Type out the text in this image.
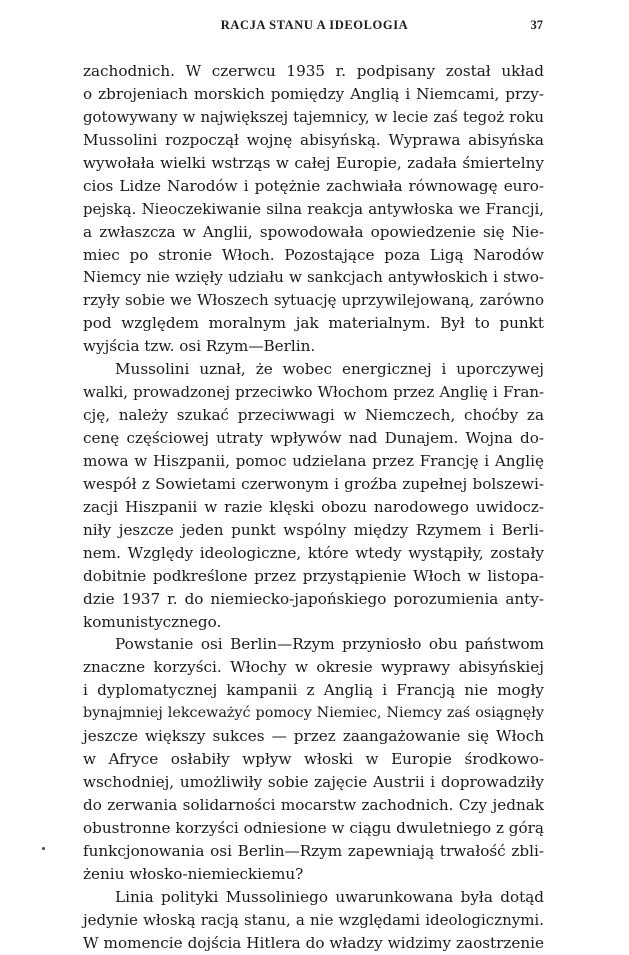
RACJA STANU A IDEOLOGIA	37
zachodnich. W czerwcu 1935 r. podpisany został układ
o zbrojeniach morskich pomiędzy Anglią i Niemcami, przy-
gotowywany w największej tajemnicy, w lecie zaś tegoż roku
Mussolini rozpoczął wojnę abisyńską. Wyprawa abisyńska
wywołała wielki wstrząs w całej Europie, zadała śmiertelny
cios Lidze Narodów i potężnie zachwiała równowagę euro-
pejską. Nieoczekiwanie silna reakcja antywłoska we Francji,
a zwłaszcza w Anglii, spowodowała opowiedzenie się Nie-
miec po stronie Włoch. Pozostające poza Ligą Narodów
Niemcy nie wzięły udziału w sankcjach antywłoskich i stwo-
rzyły sobie we Włoszech sytuację uprzywilejowaną, zarówno
pod względem moralnym jak materialnym. Był to punkt
wyjścia tzw. osi Rzym—Berlin.
Mussolini uznał, że wobec energicznej i uporczywej
walki, prowadzonej przeciwko Włochom przez Anglię i Fran-
cję, należy szukać przeciwwagi w Niemczech, choćby za
cenę częściowej utraty wpływów nad Dunajem. Wojna do-
mowa w Hiszpanii, pomoc udzielana przez Francję i Anglię
wespół z Sowietami czerwonym i groźba zupełnej bolszewi-
zacji Hiszpanii w razie klęski obozu narodowego uwidocz-
niły jeszcze jeden punkt wspólny między Rzymem i Berli-
nem. Względy ideologiczne, które wtedy wystąpiły, zostały
dobitnie podkreślone przez przystąpienie Włoch w listopa-
dzie 1937 r. do niemiecko-japońskiego porozumienia anty-
komunistycznego.
Powstanie osi Berlin—Rzym przyniosło obu państwom
znaczne korzyści. Włochy w okresie wyprawy abisyńskiej
i dyplomatycznej kampanii z Anglią i Francją nie mogły
bynajmniej lekceważyć pomocy Niemiec, Niemcy zaś osiągnęły
jeszcze większy sukces — przez zaangażowanie się Włoch
w Afryce osłabiły wpływ włoski w Europie środkowo-
wschodniej, umożliwiły sobie zajęcie Austrii i doprowadziły
do zerwania solidarności mocarstw zachodnich. Czy jednak
obustronne korzyści odniesione w ciągu dwuletniego z górą
funkcjonowania osi Berlin—Rzym zapewniają trwałość zbli-
żeniu włosko-niemieckiemu?
Linia polityki Mussoliniego uwarunkowana była dotąd
jedynie włoską racją stanu, a nie względami ideologicznymi.
W momencie dojścia Hitlera do władzy widzimy zaostrzenie
